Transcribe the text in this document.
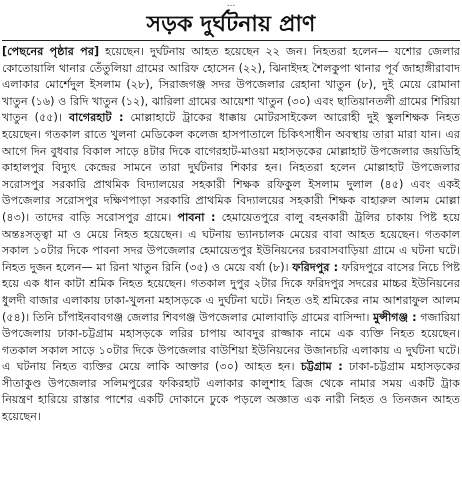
...
সড়ক দুর্ঘটনায় প্রাণ
[পেছনের পৃষ্ঠার পর] হয়েছেন। দুর্ঘটনায় আহত হয়েছেন ২২ জন। নিহতরা হলেন— যশোর জেলার কোতোয়ালি থানার তেঁতুলিয়া গ্রামের আরিফ হোসেন (২২), ঝিনাইদহ শৈলকুপা থানার পূর্ব জাহাঙ্গীরাবাদ এলাকার মোর্শেদুল ইসলাম (২৮), সিরাজগঞ্জ সদর উপজেলার রেহানা খাতুন (৮), দুই মেয়ে রোমানা খাতুন (১৬) ও রিদি খাতুন (১২), ঝারিলা গ্রামের আয়েশা খাতুন (৩০) এবং ছাতিয়ানতলী গ্রামের শিরিয়া খাতুন (৫৫)। বাগেরহাট : মোল্লাহাটে ট্রাকের ধাক্কায় মোটরসাইকেল আরোহী দুই স্কুলশিক্ষক নিহত হয়েছেন। গতকাল রাতে খুলনা মেডিকেল কলেজ হাসপাতালে চিকিৎসাধীন অবস্থায় তারা মারা যান। এর আগে দিন বুধবার বিকাল সাড়ে ৪টার দিকে বাগেরহাট-মাওয়া মহাসড়কের মোল্লাহাট উপজেলার জয়ডিহি কাহালপুর বিদ্যুৎ কেন্দ্রের সামনে তারা দুর্ঘটনার শিকার হন। নিহতরা হলেন মোল্লাহাট উপজেলার সরোসপুর সরকারি প্রাথমিক বিদ্যালয়ের সহকারী শিক্ষক রফিকুল ইসলাম দুলাল (৪৫) এবং একই উপজেলার সরোসপুর দক্ষিণপাড়া সরকারি প্রাথমিক বিদ্যালয়ের সহকারী শিক্ষক বাহারুল আলম মোল্লা (৪৩)। তাদের বাড়ি সরোসপুর গ্রামে। পাবনা : হেমায়েতপুরে বালু বহনকারী ট্রলির চাকায় পিষ্ট হয়ে অন্তঃসত্ত্বা মা ও মেয়ে নিহত হয়েছেন। এ ঘটনায় ভ্যানচালক মেয়ের বাবা আহত হয়েছেন। গতকাল সকাল ১০টার দিকে পাবনা সদর উপজেলার হেমায়েতপুর ইউনিয়নের চরবাসবাড়িয়া গ্রামে এ ঘটনা ঘটে। নিহত দুজন হলেন— মা রিনা খাতুন রিনি (৩৫) ও মেয়ে বর্ষা (৮)। ফরিদপুর : ফরিদপুরে বাসের নিচে পিষ্ট হয়ে এক ধান কাটা শ্রমিক নিহত হয়েছেন। গতকাল দুপুর ২টার দিকে ফরিদপুর সদরের মাচ্চর ইউনিয়নের ধুলদী বাজার এলাকায় ঢাকা-খুলনা মহাসড়কে এ দুর্ঘটনা ঘটে। নিহত ওই শ্রমিকের নাম আশরাফুল আলম (৫৪)। তিনি চাঁপাইনবাবগঞ্জ জেলার শিবগঞ্জ উপজেলার মোলাবাড়ি গ্রামের বাসিন্দা। মুন্সীগঞ্জ : গজারিয়া উপজেলায় ঢাকা-চট্টগ্রাম মহাসড়কে লরির চাপায় আবদুর রাজ্জাক নামে এক ব্যক্তি নিহত হয়েছেন। গতকাল সকাল সাড়ে ১০টার দিকে উপজেলার বাউশিয়া ইউনিয়নের উজানচরি এলাকায় এ দুর্ঘটনা ঘটে। এ ঘটনায় নিহত ব্যক্তির মেয়ে লাকি আক্তার (৩০) আহত হন। চট্টগ্রাম : ঢাকা-চট্টগ্রাম মহাসড়কের সীতাকুণ্ড উপজেলার সলিমপুরের ফকিরহাট এলাকার কালুশাহ ব্রিজ থেকে নামার সময় একটি ট্রাক নিয়ন্ত্রণ হারিয়ে রাস্তার পাশের একটি দোকানে ঢুকে পড়লে অজ্ঞাত এক নারী নিহত ও তিনজন আহত হয়েছেন।
